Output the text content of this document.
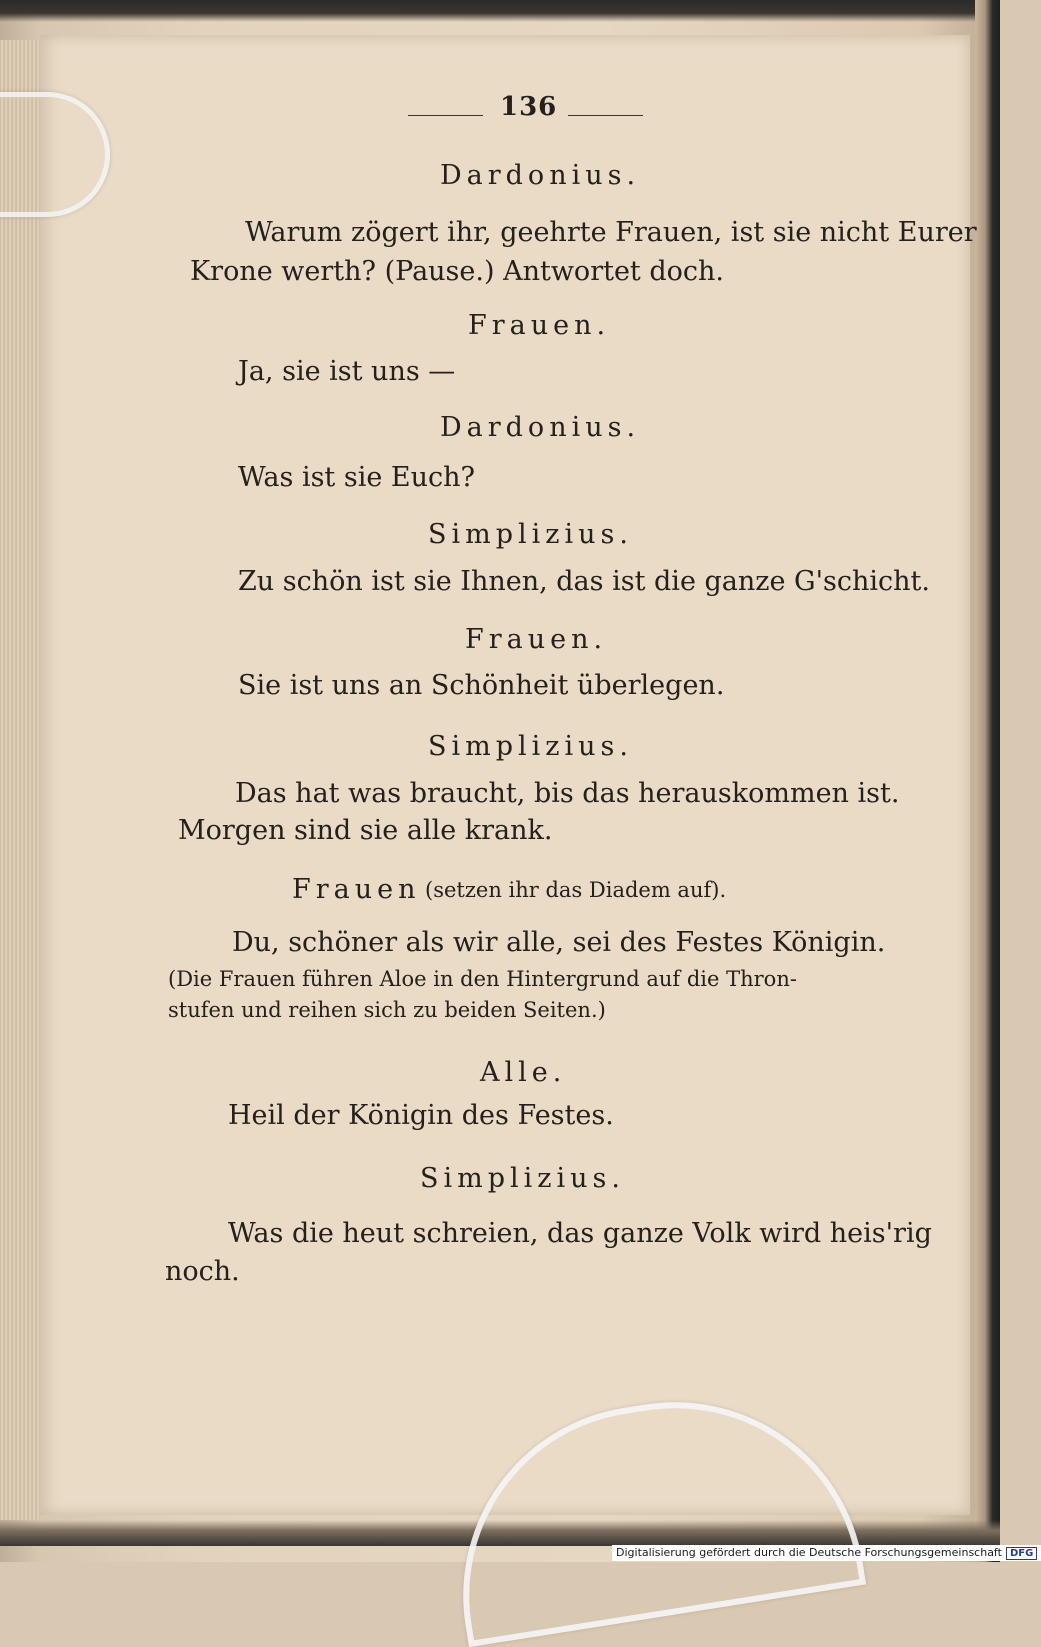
136
Dardonius.
Warum zögert ihr, geehrte Frauen, ist sie nicht Eurer
Krone werth? (Pause.) Antwortet doch.
Frauen.
Ja, sie ist uns —
Dardonius.
Was ist sie Euch?
Simplizius.
Zu schön ist sie Ihnen, das ist die ganze G'schicht.
Frauen.
Sie ist uns an Schönheit überlegen.
Simplizius.
Das hat was braucht, bis das herauskommen ist.
Morgen sind sie alle krank.
Frauen (setzen ihr das Diadem auf).
Du, schöner als wir alle, sei des Festes Königin.
(Die Frauen führen Aloe in den Hintergrund auf die Thron-
stufen und reihen sich zu beiden Seiten.)
Alle.
Heil der Königin des Festes.
Simplizius.
Was die heut schreien, das ganze Volk wird heis'rig
noch.
Digitalisierung gefördert durch die Deutsche Forschungsgemeinschaft DFG
